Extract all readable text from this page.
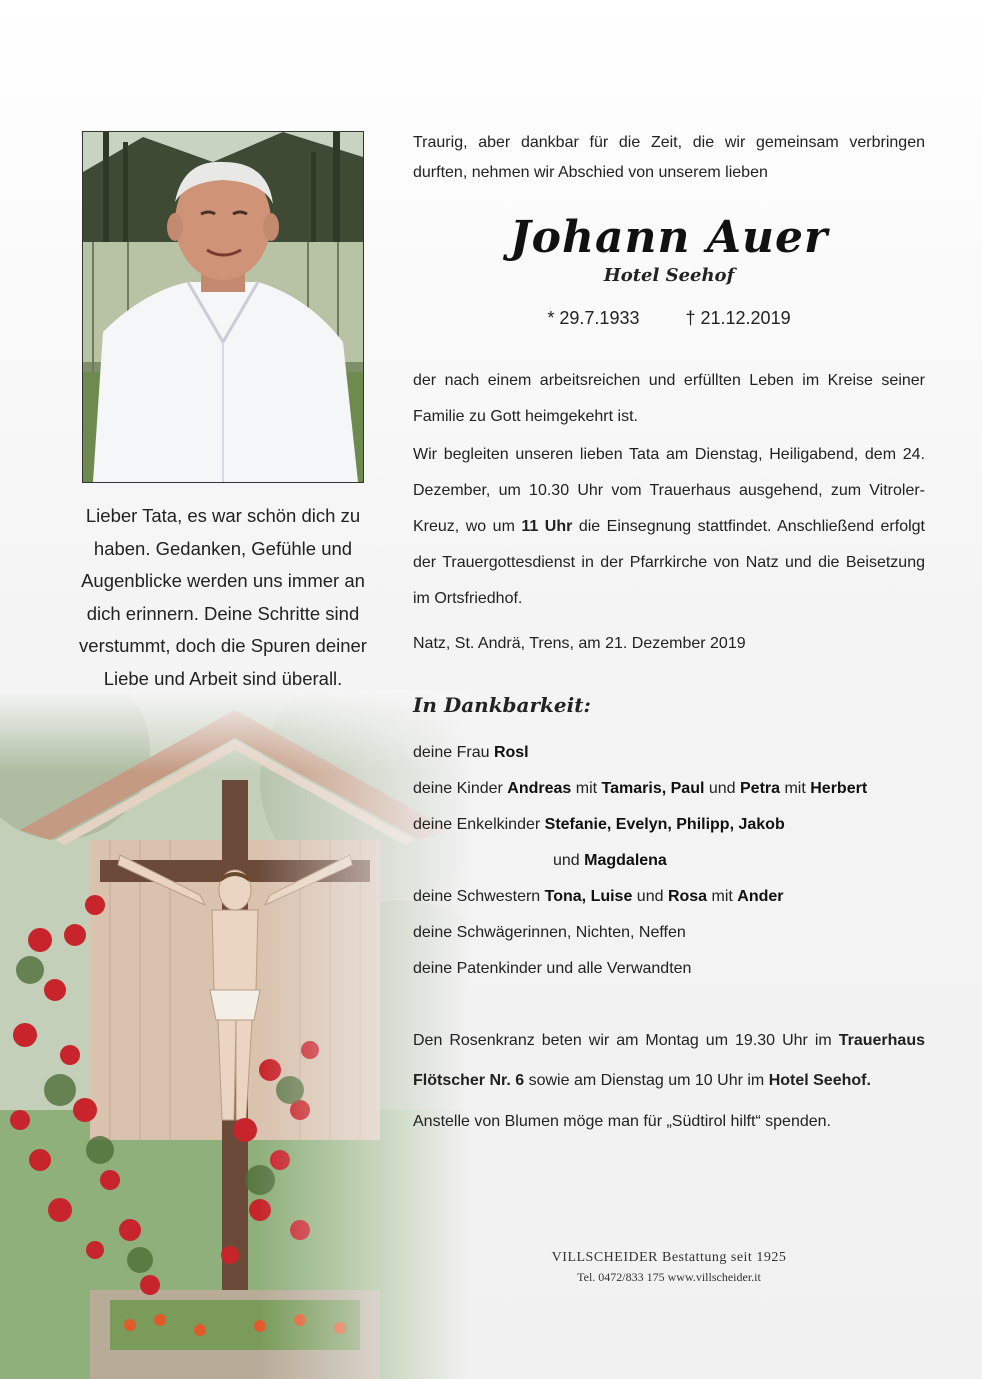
Lieber Tata, es war schön dich zu haben. Gedanken, Gefühle und Augenblicke werden uns immer an dich erinnern. Deine Schritte sind verstummt, doch die Spuren deiner Liebe und Arbeit sind überall.

Traurig, aber dankbar für die Zeit, die wir gemeinsam verbringen durften, nehmen wir Abschied von unserem lieben

Johann Auer
Hotel Seehof
* 29.7.1933	† 21.12.2019

der nach einem arbeitsreichen und erfüllten Leben im Kreise seiner Familie zu Gott heimgekehrt ist.

Wir begleiten unseren lieben Tata am Dienstag, Heiligabend, dem 24. Dezember, um 10.30 Uhr vom Trauerhaus ausgehend, zum Vitroler-Kreuz, wo um 11 Uhr die Einsegnung stattfindet. Anschließend erfolgt der Trauergottesdienst in der Pfarrkirche von Natz und die Beisetzung im Ortsfriedhof.

Natz, St. Andrä, Trens, am 21. Dezember 2019

In Dankbarkeit:
deine Frau Rosl
deine Kinder Andreas mit Tamaris, Paul und Petra mit Herbert
deine Enkelkinder Stefanie, Evelyn, Philipp, Jakob
und Magdalena
deine Schwestern Tona, Luise und Rosa mit Ander
deine Schwägerinnen, Nichten, Neffen
deine Patenkinder und alle Verwandten

Den Rosenkranz beten wir am Montag um 19.30 Uhr im Trauerhaus Flötscher Nr. 6 sowie am Dienstag um 10 Uhr im Hotel Seehof.

Anstelle von Blumen möge man für „Südtirol hilft“ spenden.

VILLSCHEIDER Bestattung seit 1925
Tel. 0472/833 175 www.villscheider.it
